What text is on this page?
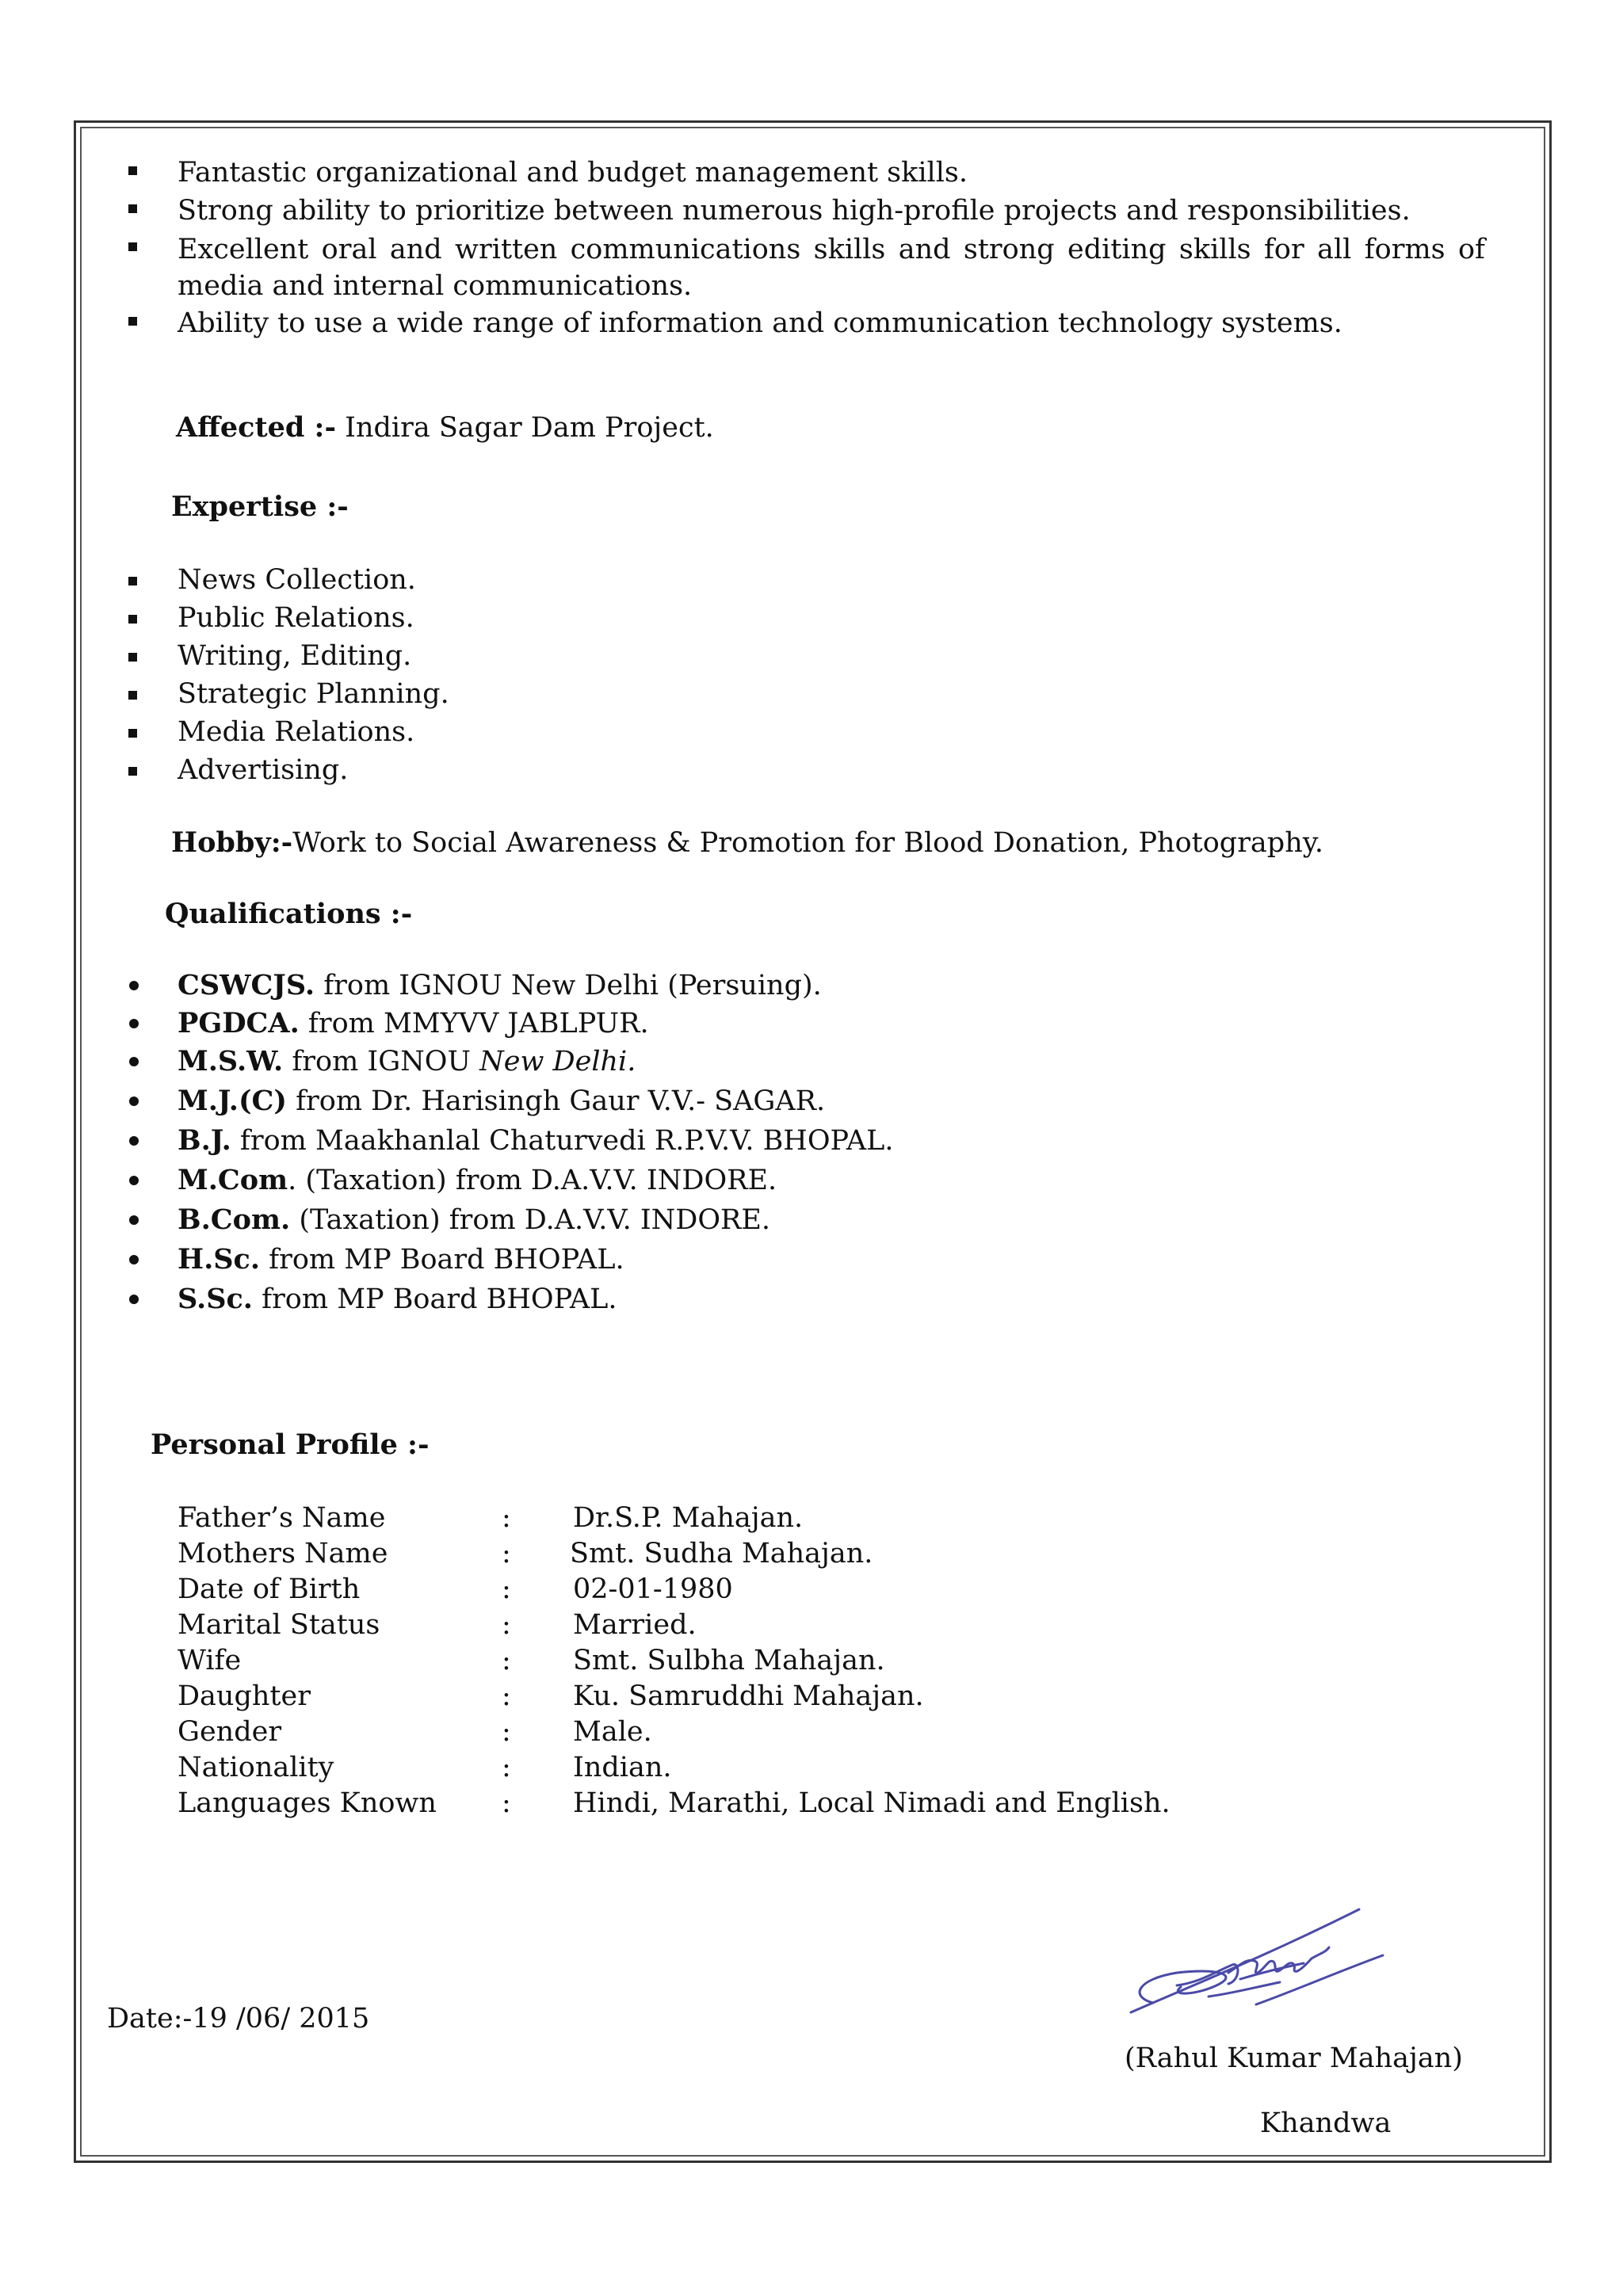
Fantastic organizational and budget management skills.
Strong ability to prioritize between numerous high-profile projects and responsibilities.
Excellent oral and written communications skills and strong editing skills for all forms of media and internal communications.
Ability to use a wide range of information and communication technology systems.
Affected :- Indira Sagar Dam Project.
Expertise :-
News Collection.
Public Relations.
Writing, Editing.
Strategic Planning.
Media Relations.
Advertising.
Hobby:-Work to Social Awareness & Promotion for Blood Donation, Photography.
Qualifications :-
CSWCJS. from IGNOU New Delhi (Persuing).
PGDCA. from MMYVV JABLPUR.
M.S.W. from IGNOU New Delhi.
M.J.(C) from Dr. Harisingh Gaur V.V.- SAGAR.
B.J. from Maakhanlal Chaturvedi R.P.V.V. BHOPAL.
M.Com. (Taxation) from D.A.V.V. INDORE.
B.Com. (Taxation) from D.A.V.V. INDORE.
H.Sc. from MP Board BHOPAL.
S.Sc. from MP Board BHOPAL.
Personal Profile :-
Father’s Name	: Dr.S.P. Mahajan.
Mothers Name	: Smt. Sudha Mahajan.
Date of Birth	: 02-01-1980
Marital Status	: Married.
Wife	: Smt. Sulbha Mahajan.
Daughter	: Ku. Samruddhi Mahajan.
Gender	: Male.
Nationality	: Indian.
Languages Known : Hindi, Marathi, Local Nimadi and English.
Date:-19 /06/ 2015
(Rahul Kumar Mahajan)
Khandwa
